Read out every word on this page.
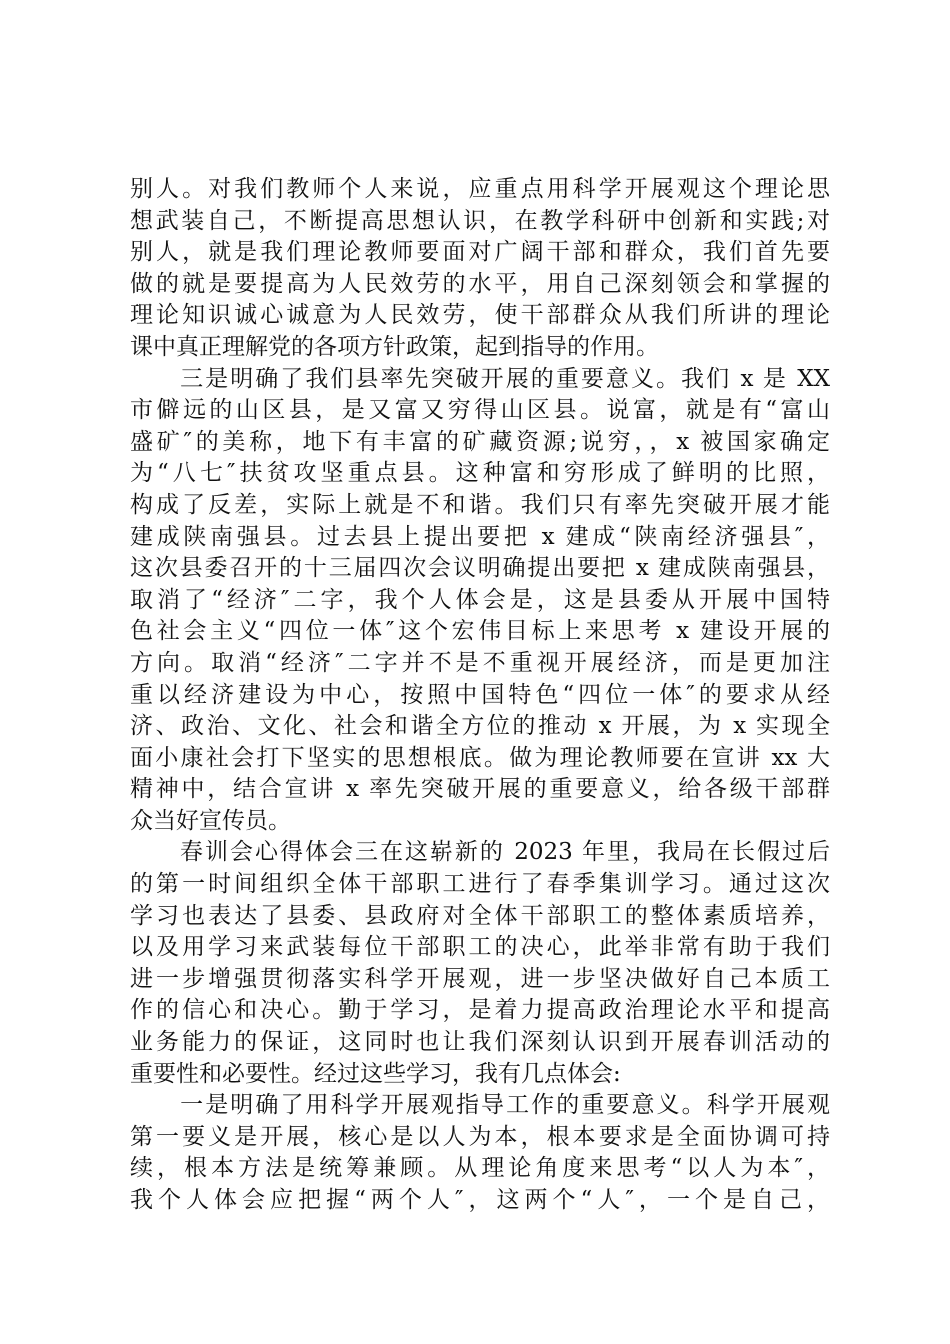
别人。对我们教师个人来说，应重点用科学开展观这个理论思
想武装自己，不断提高思想认识，在教学科研中创新和实践;对
别人，就是我们理论教师要面对广阔干部和群众，我们首先要
做的就是要提高为人民效劳的水平，用自己深刻领会和掌握的
理论知识诚心诚意为人民效劳，使干部群众从我们所讲的理论
课中真正理解党的各项方针政策，起到指导的作用。
　　三是明确了我们县率先突破开展的重要意义。我们 x 是 XX
市僻远的山区县，是又富又穷得山区县。说富，就是有“富山
盛矿″的美称，地下有丰富的矿藏资源;说穷，，x 被国家确定
为“八七″扶贫攻坚重点县。这种富和穷形成了鲜明的比照，
构成了反差，实际上就是不和谐。我们只有率先突破开展才能
建成陕南强县。过去县上提出要把 x 建成“陕南经济强县″，
这次县委召开的十三届四次会议明确提出要把 x 建成陕南强县，
取消了“经济″二字，我个人体会是，这是县委从开展中国特
色社会主义“四位一体″这个宏伟目标上来思考 x 建设开展的
方向。取消“经济″二字并不是不重视开展经济，而是更加注
重以经济建设为中心，按照中国特色“四位一体″的要求从经
济、政治、文化、社会和谐全方位的推动 x 开展，为 x 实现全
面小康社会打下坚实的思想根底。做为理论教师要在宣讲 xx 大
精神中，结合宣讲 x 率先突破开展的重要意义，给各级干部群
众当好宣传员。
　　春训会心得体会三在这崭新的 2023 年里，我局在长假过后
的第一时间组织全体干部职工进行了春季集训学习。通过这次
学习也表达了县委、县政府对全体干部职工的整体素质培养，
以及用学习来武装每位干部职工的决心，此举非常有助于我们
进一步增强贯彻落实科学开展观，进一步坚决做好自己本质工
作的信心和决心。勤于学习，是着力提高政治理论水平和提高
业务能力的保证，这同时也让我们深刻认识到开展春训活动的
重要性和必要性。经过这些学习，我有几点体会:
　　一是明确了用科学开展观指导工作的重要意义。科学开展观
第一要义是开展，核心是以人为本，根本要求是全面协调可持
续，根本方法是统筹兼顾。从理论角度来思考“以人为本″，
我个人体会应把握“两个人″，这两个“人″，一个是自己，
